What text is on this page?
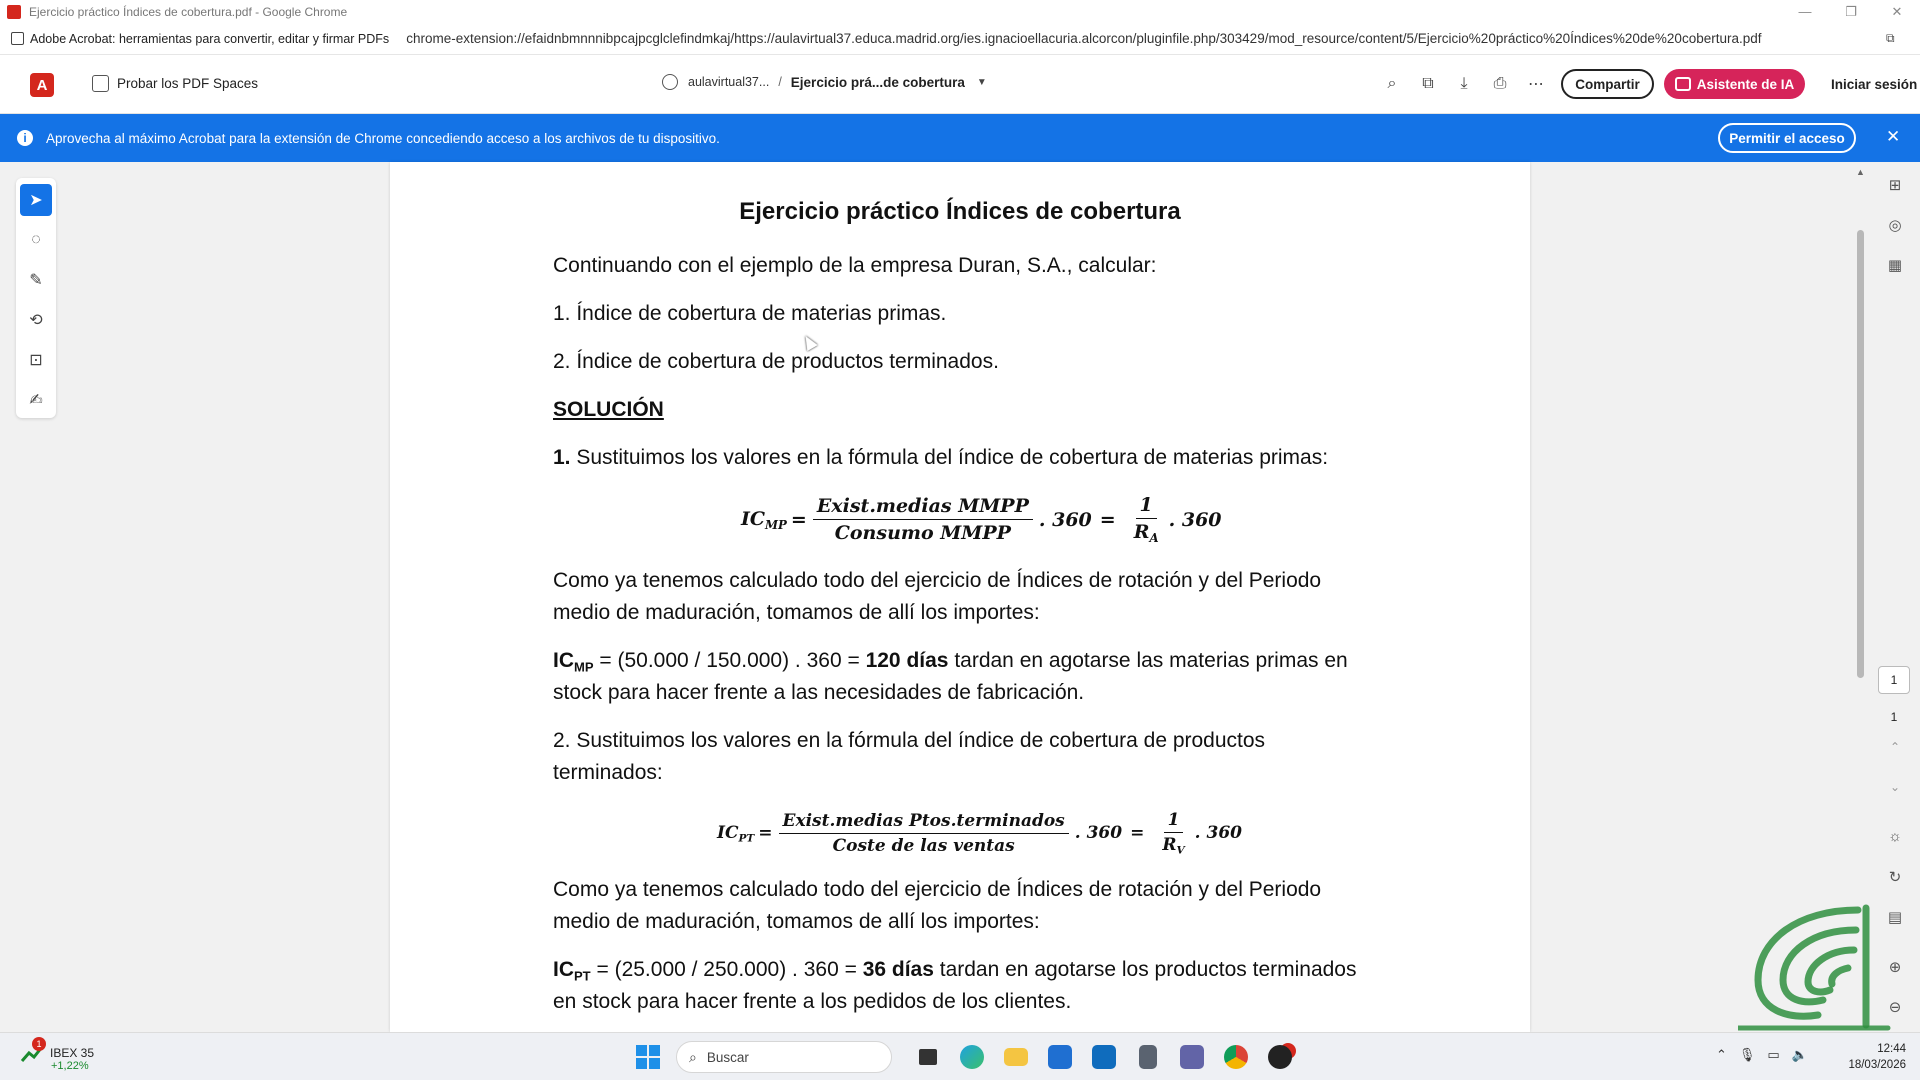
Ejercicio práctico Índices de cobertura.pdf - Google Chrome	—	❐	✕
Adobe Acrobat: herramientas para convertir, editar y firmar PDFs chrome-extension://efaidnbmnnnibpcajpcglclefindmkaj/https://aulavirtual37.educa.madrid.org/ies.ignacioellacuria.alcorcon/pluginfile.php/303429/mod_resource/content/5/Ejercicio%20práctico%20Índices%20de%20cobertura.pdf	⧉
A	Probar los PDF Spaces	aulavirtual37... / Ejercicio prá...de cobertura ▼	⌕	⧉	⤓	⎙	⋯	Compartir	Asistente de IA	Iniciar sesión
i	Aprovecha al máximo Acrobat para la extensión de Chrome concediendo acceso a los archivos de tu dispositivo.	Permitir el acceso	✕
➤
◌
✎
⟲
⊡
✍
Ejercicio práctico Índices de cobertura
Continuando con el ejemplo de la empresa Duran, S.A., calcular:
1. Índice de cobertura de materias primas.
2. Índice de cobertura de productos terminados.
SOLUCIÓN
1. Sustituimos los valores en la fórmula del índice de cobertura de materias primas:
$IC_{MP} = \frac{\text{Exist.medias MMPP}}{\text{Consumo MMPP}}$ . $360 = \frac{1}{R_A}$ . 360
Como ya tenemos calculado todo del ejercicio de Índices de rotación y del Periodo
medio de maduración, tomamos de allí los importes:
$IC_{MP} = (50.000 / 150.000)$ . 360 = 120 días tardan en agotarse las materias primas en
stock para hacer frente a las necesidades de fabricación.
2. Sustituimos los valores en la fórmula del índice de cobertura de productos
terminados:
$IC_{PT} = \frac{\text{Exist.medias Ptos.terminados}}{\text{Coste de las ventas}}$ . $360 = \frac{1}{R_V}$ . 360
Como ya tenemos calculado todo del ejercicio de Índices de rotación y del Periodo
medio de maduración, tomamos de allí los importes:
$IC_{PT} = (25.000 / 250.000)$ . 360 = 36 días tardan en agotarse los productos terminados
en stock para hacer frente a los pedidos de los clientes.
▲
⊞
◎
▦
1
1
⌃
⌄
☼
↻
▤
⊕
⊖
1
IBEX 35
+1,22%
⌕ Buscar	⌃ 🎙 ▭ 🔈	12:44
18/03/2026
